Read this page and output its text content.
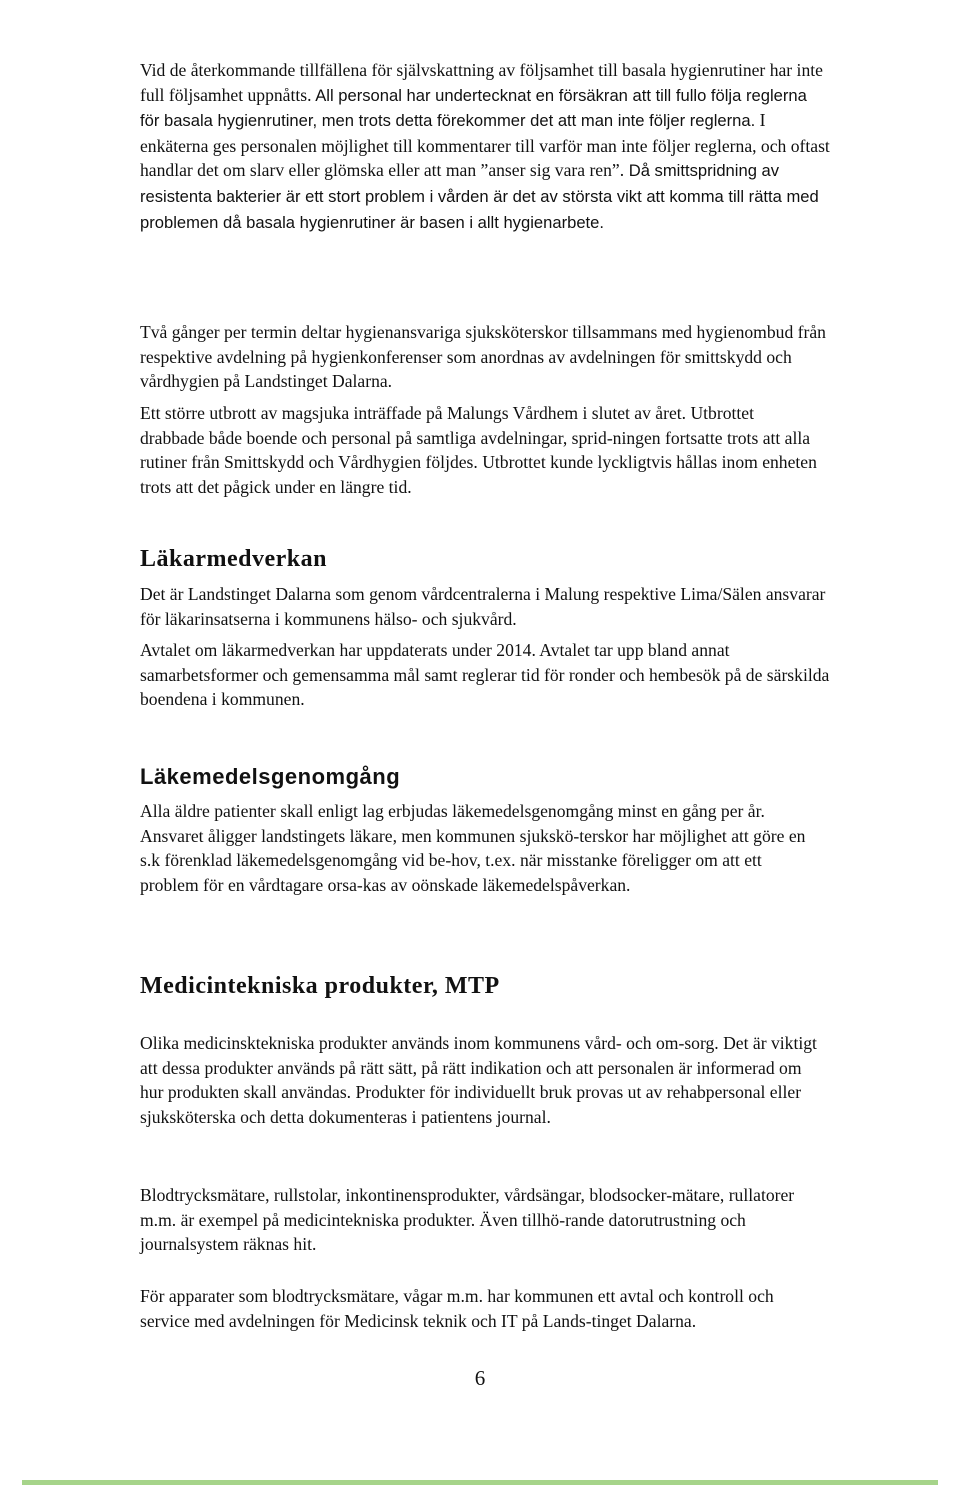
Vid de återkommande tillfällena för självskattning av följsamhet till basala hygienrutiner har inte full följsamhet uppnåtts. All personal har undertecknat en försäkran att till fullo följa reglerna för basala hygienrutiner, men trots detta förekommer det att man inte följer reglerna. I enkäterna ges personalen möjlighet till kommentarer till varför man inte följer reglerna, och oftast handlar det om slarv eller glömska eller att man ”anser sig vara ren”. Då smittspridning av resistenta bakterier är ett stort problem i vården är det av största vikt att komma till rätta med problemen då basala hygienrutiner är basen i allt hygienarbete.

Två gånger per termin deltar hygienansvariga sjuksköterskor tillsammans med hygienombud från respektive avdelning på hygienkonferenser som anordnas av avdelningen för smittskydd och vårdhygien på Landstinget Dalarna.

Ett större utbrott av magsjuka inträffade på Malungs Vårdhem i slutet av året. Utbrottet drabbade både boende och personal på samtliga avdelningar, sprid-ningen fortsatte trots att alla rutiner från Smittskydd och Vårdhygien följdes. Utbrottet kunde lyckligtvis hållas inom enheten trots att det pågick under en längre tid.

Läkarmedverkan

Det är Landstinget Dalarna som genom vårdcentralerna i Malung respektive Lima/Sälen ansvarar för läkarinsatserna i kommunens hälso- och sjukvård.

Avtalet om läkarmedverkan har uppdaterats under 2014. Avtalet tar upp bland annat samarbetsformer och gemensamma mål samt reglerar tid för ronder och hembesök på de särskilda boendena i kommunen.

Läkemedelsgenomgång

Alla äldre patienter skall enligt lag erbjudas läkemedelsgenomgång minst en gång per år. Ansvaret åligger landstingets läkare, men kommunen sjukskö-terskor har möjlighet att göre en s.k förenklad läkemedelsgenomgång vid be-hov, t.ex. när misstanke föreligger om att ett problem för en vårdtagare orsa-kas av oönskade läkemedelspåverkan.

Medicintekniska produkter, MTP

Olika medicinsktekniska produkter används inom kommunens vård- och om-sorg. Det är viktigt att dessa produkter används på rätt sätt, på rätt indikation och att personalen är informerad om hur produkten skall användas. Produkter för individuellt bruk provas ut av rehabpersonal eller sjuksköterska och detta dokumenteras i patientens journal.

Blodtrycksmätare, rullstolar, inkontinensprodukter, vårdsängar, blodsocker-mätare, rullatorer m.m. är exempel på medicintekniska produkter. Även tillhö-rande datorutrustning och journalsystem räknas hit.

För apparater som blodtrycksmätare, vågar m.m. har kommunen ett avtal och kontroll och service med avdelningen för Medicinsk teknik och IT på Lands-tinget Dalarna.

6
